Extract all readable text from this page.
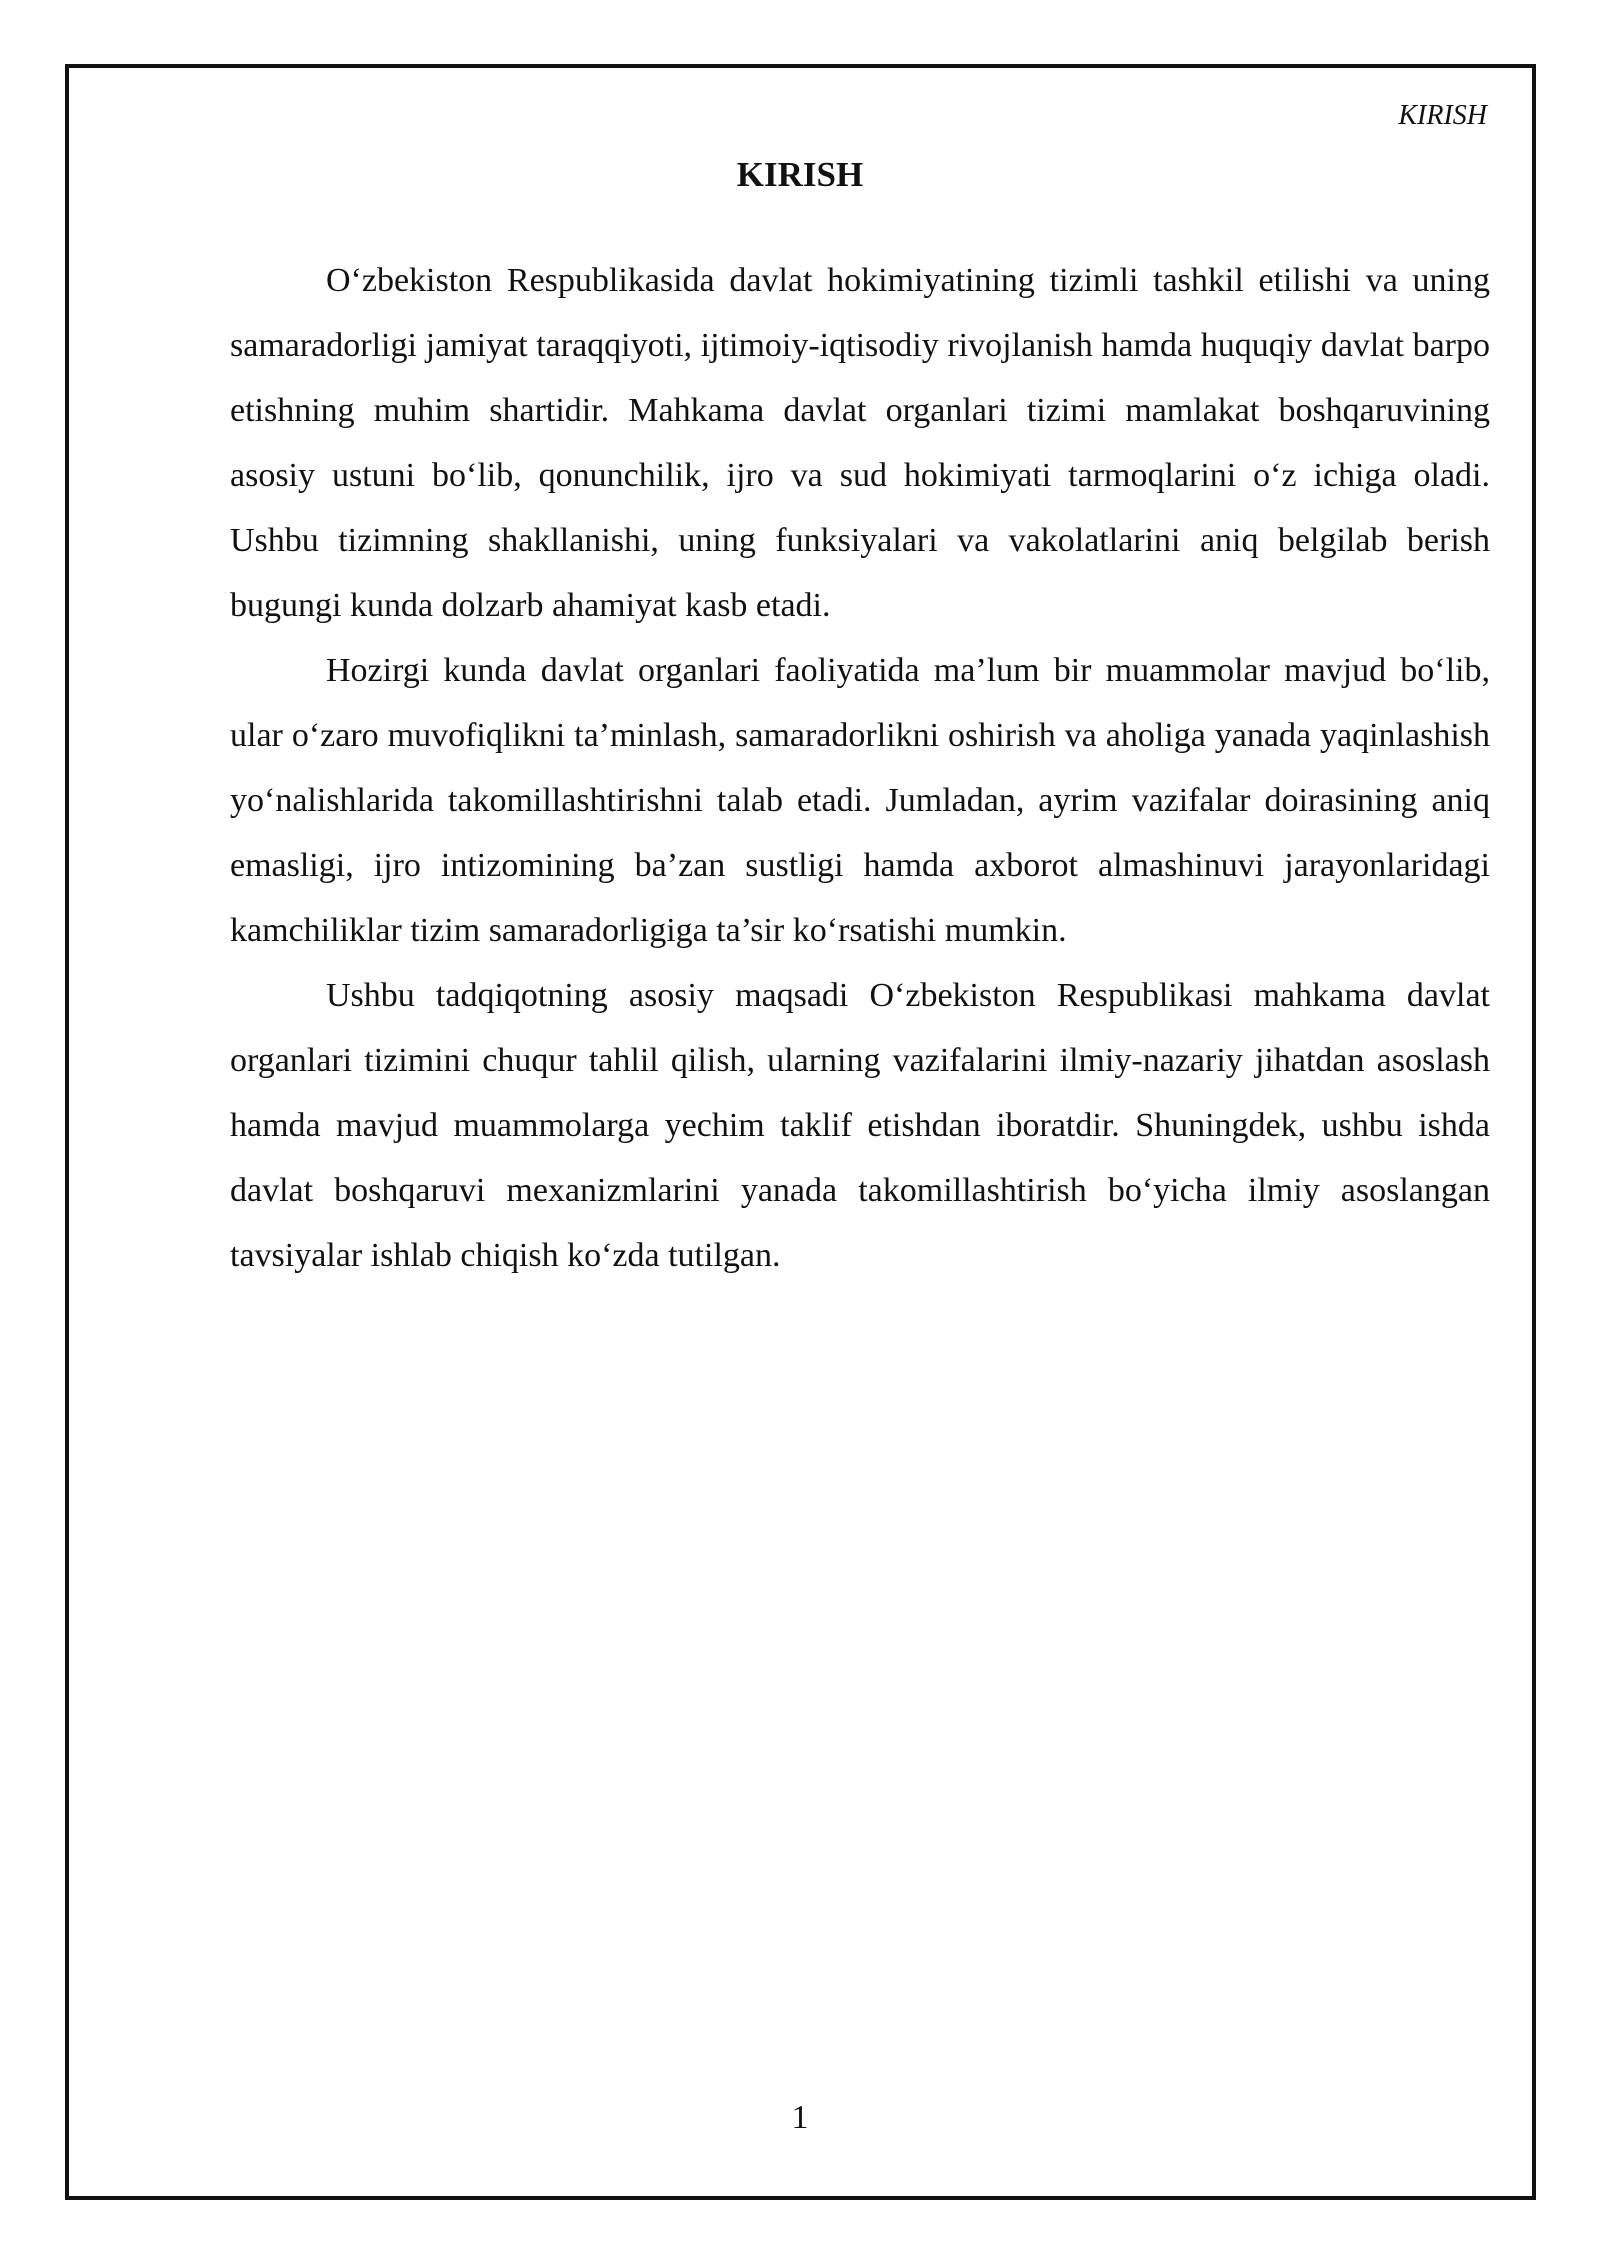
KIRISH
KIRISH

O‘zbekiston Respublikasida davlat hokimiyatining tizimli tashkil etilishi va uning samaradorligi jamiyat taraqqiyoti, ijtimoiy-iqtisodiy rivojlanish hamda huquqiy davlat barpo etishning muhim shartidir. Mahkama davlat organlari tizimi mamlakat boshqaruvining asosiy ustuni bo‘lib, qonunchilik, ijro va sud hokimiyati tarmoqlarini o‘z ichiga oladi. Ushbu tizimning shakllanishi, uning funksiyalari va vakolatlarini aniq belgilab berish bugungi kunda dolzarb ahamiyat kasb etadi.

Hozirgi kunda davlat organlari faoliyatida ma’lum bir muammolar mavjud bo‘lib, ular o‘zaro muvofiqlikni ta’minlash, samaradorlikni oshirish va aholiga yanada yaqinlashish yo‘nalishlarida takomillashtirishni talab etadi. Jumladan, ayrim vazifalar doirasining aniq emasligi, ijro intizomining ba’zan sustligi hamda axborot almashinuvi jarayonlaridagi kamchiliklar tizim samaradorligiga ta’sir ko‘rsatishi mumkin.

Ushbu tadqiqotning asosiy maqsadi O‘zbekiston Respublikasi mahkama davlat organlari tizimini chuqur tahlil qilish, ularning vazifalarini ilmiy-nazariy jihatdan asoslash hamda mavjud muammolarga yechim taklif etishdan iboratdir. Shuningdek, ushbu ishda davlat boshqaruvi mexanizmlarini yanada takomillashtirish bo‘yicha ilmiy asoslangan tavsiyalar ishlab chiqish ko‘zda tutilgan.

1
